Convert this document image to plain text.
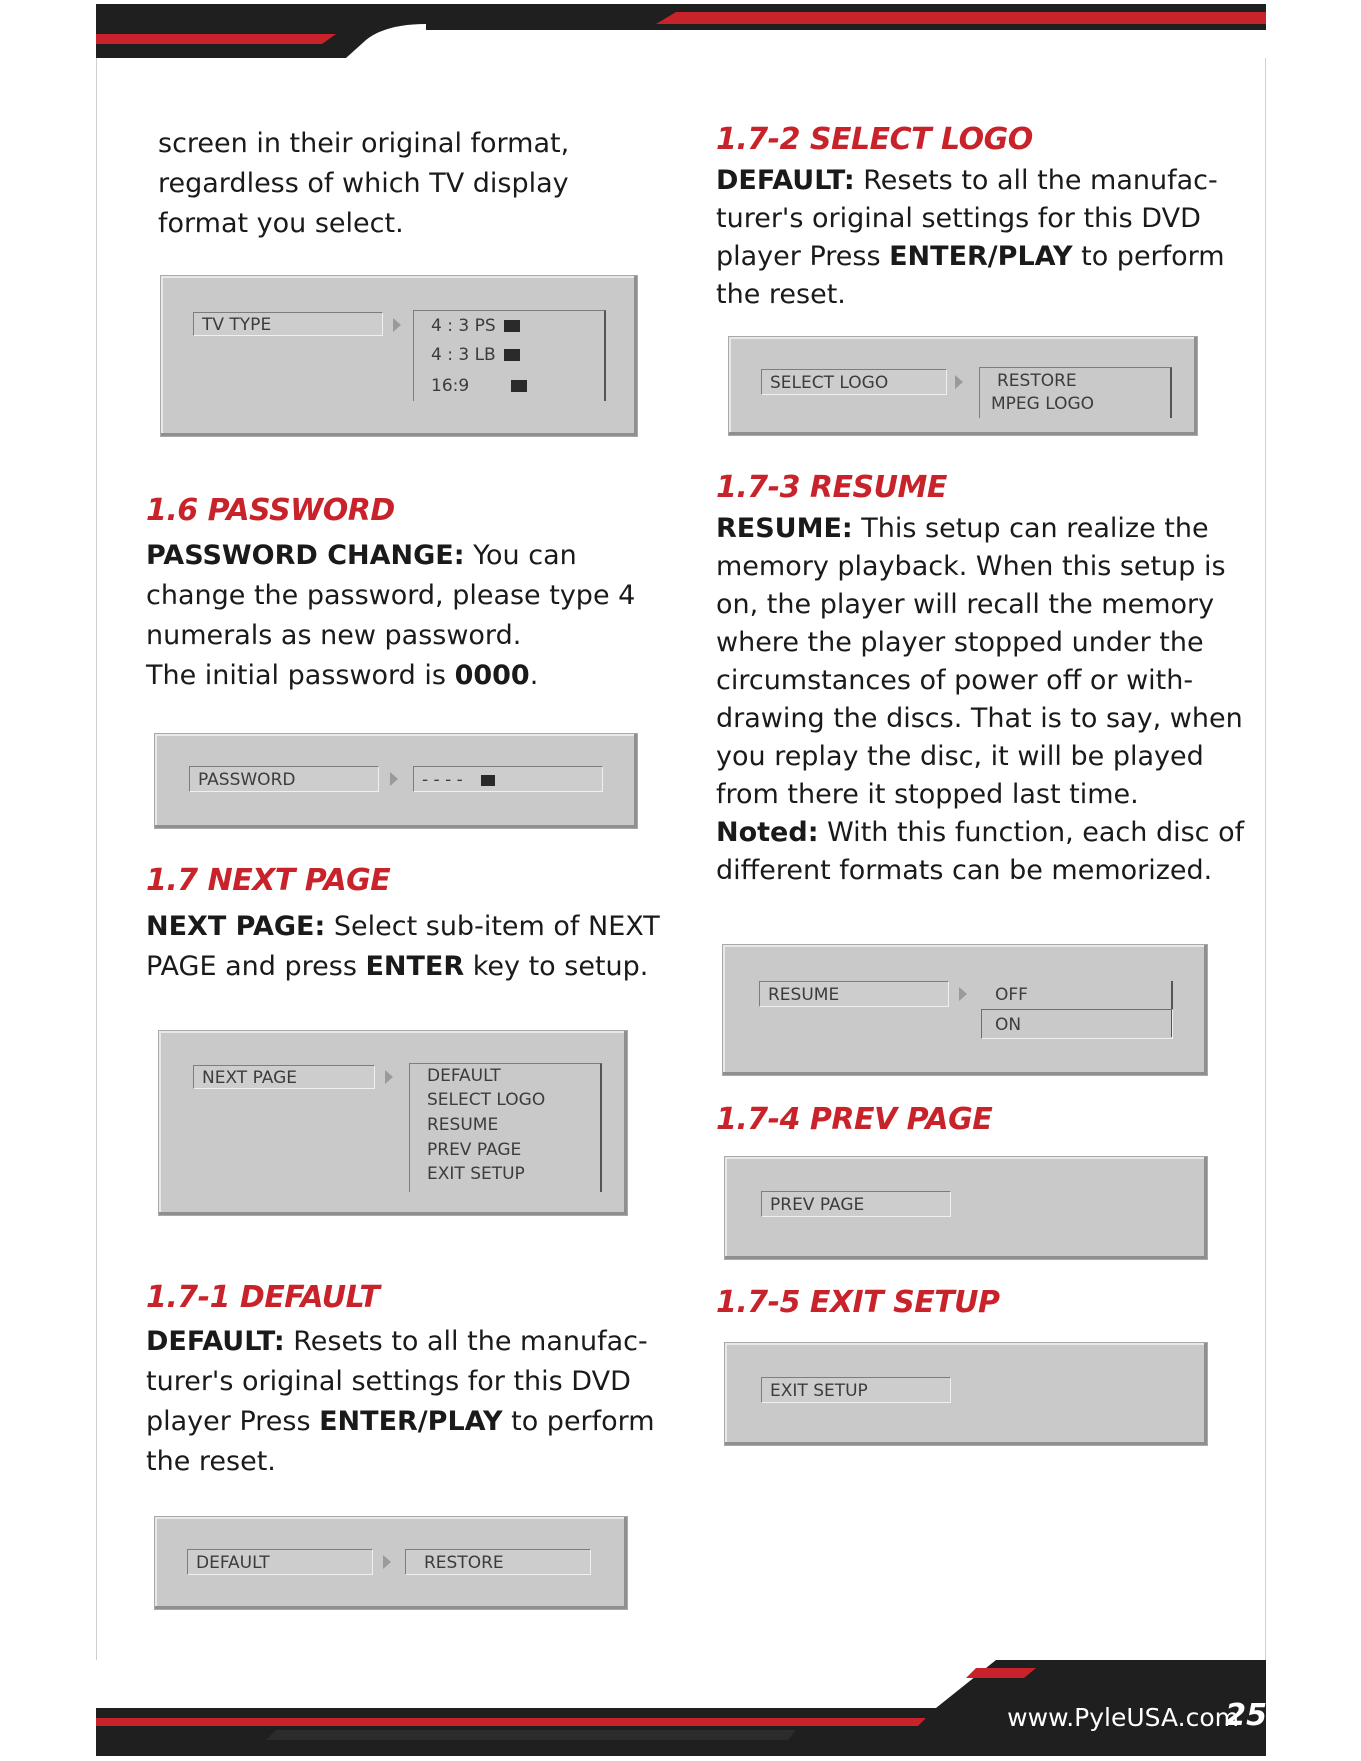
screen in their original format, regardless of which TV display format you select.

TV TYPE	4 : 3 PS
4 : 3 LB
16:9
1.6 PASSWORD

PASSWORD CHANGE: You can change the password, please type 4 numerals as new password.
The initial password is 0000.

PASSWORD	- - - -
1.7 NEXT PAGE

NEXT PAGE: Select sub-item of NEXT PAGE and press ENTER key to setup.

NEXT PAGE	DEFAULT
SELECT LOGO
RESUME
PREV PAGE
EXIT SETUP
1.7-1 DEFAULT

DEFAULT: Resets to all the manufac-turer's original settings for this DVD player Press ENTER/PLAY to perform the reset.

DEFAULT	RESTORE
1.7-2 SELECT LOGO

DEFAULT: Resets to all the manufac-turer's original settings for this DVD player Press ENTER/PLAY to perform the reset.

SELECT LOGO	RESTORE
MPEG LOGO
1.7-3 RESUME

RESUME: This setup can realize the memory playback. When this setup is on, the player will recall the memory where the player stopped under the circumstances of power off or with-drawing the discs. That is to say, when you replay the disc, it will be played from there it stopped last time.
Noted: With this function, each disc of different formats can be memorized.

RESUME	OFF
ON
1.7-4 PREV PAGE
PREV PAGE
1.7-5 EXIT SETUP
EXIT SETUP
www.PyleUSA.com
25
